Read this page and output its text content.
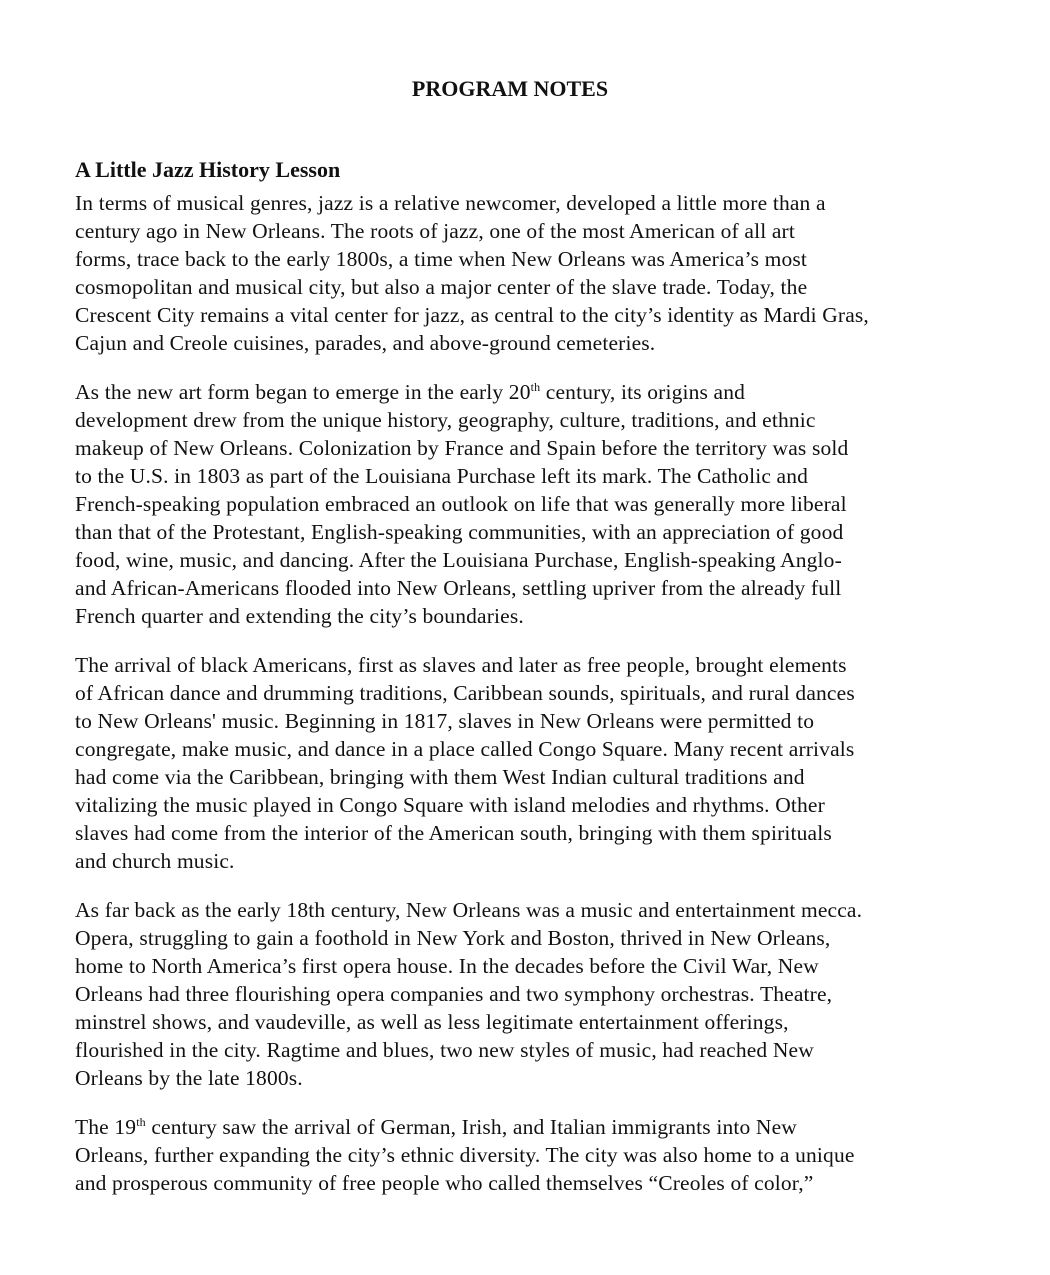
PROGRAM NOTES
A Little Jazz History Lesson
In terms of musical genres, jazz is a relative newcomer, developed a little more than a
century ago in New Orleans. The roots of jazz, one of the most American of all art
forms, trace back to the early 1800s, a time when New Orleans was America’s most
cosmopolitan and musical city, but also a major center of the slave trade. Today, the
Crescent City remains a vital center for jazz, as central to the city’s identity as Mardi Gras,
Cajun and Creole cuisines, parades, and above-ground cemeteries.
As the new art form began to emerge in the early 20th century, its origins and
development drew from the unique history, geography, culture, traditions, and ethnic
makeup of New Orleans. Colonization by France and Spain before the territory was sold
to the U.S. in 1803 as part of the Louisiana Purchase left its mark. The Catholic and
French-speaking population embraced an outlook on life that was generally more liberal
than that of the Protestant, English-speaking communities, with an appreciation of good
food, wine, music, and dancing. After the Louisiana Purchase, English-speaking Anglo-
and African-Americans flooded into New Orleans, settling upriver from the already full
French quarter and extending the city’s boundaries.
The arrival of black Americans, first as slaves and later as free people, brought elements
of African dance and drumming traditions, Caribbean sounds, spirituals, and rural dances
to New Orleans' music. Beginning in 1817, slaves in New Orleans were permitted to
congregate, make music, and dance in a place called Congo Square. Many recent arrivals
had come via the Caribbean, bringing with them West Indian cultural traditions and
vitalizing the music played in Congo Square with island melodies and rhythms. Other
slaves had come from the interior of the American south, bringing with them spirituals
and church music.
As far back as the early 18th century, New Orleans was a music and entertainment mecca.
Opera, struggling to gain a foothold in New York and Boston, thrived in New Orleans,
home to North America’s first opera house. In the decades before the Civil War, New
Orleans had three flourishing opera companies and two symphony orchestras. Theatre,
minstrel shows, and vaudeville, as well as less legitimate entertainment offerings,
flourished in the city. Ragtime and blues, two new styles of music, had reached New
Orleans by the late 1800s.
The 19th century saw the arrival of German, Irish, and Italian immigrants into New
Orleans, further expanding the city’s ethnic diversity. The city was also home to a unique
and prosperous community of free people who called themselves “Creoles of color,”
